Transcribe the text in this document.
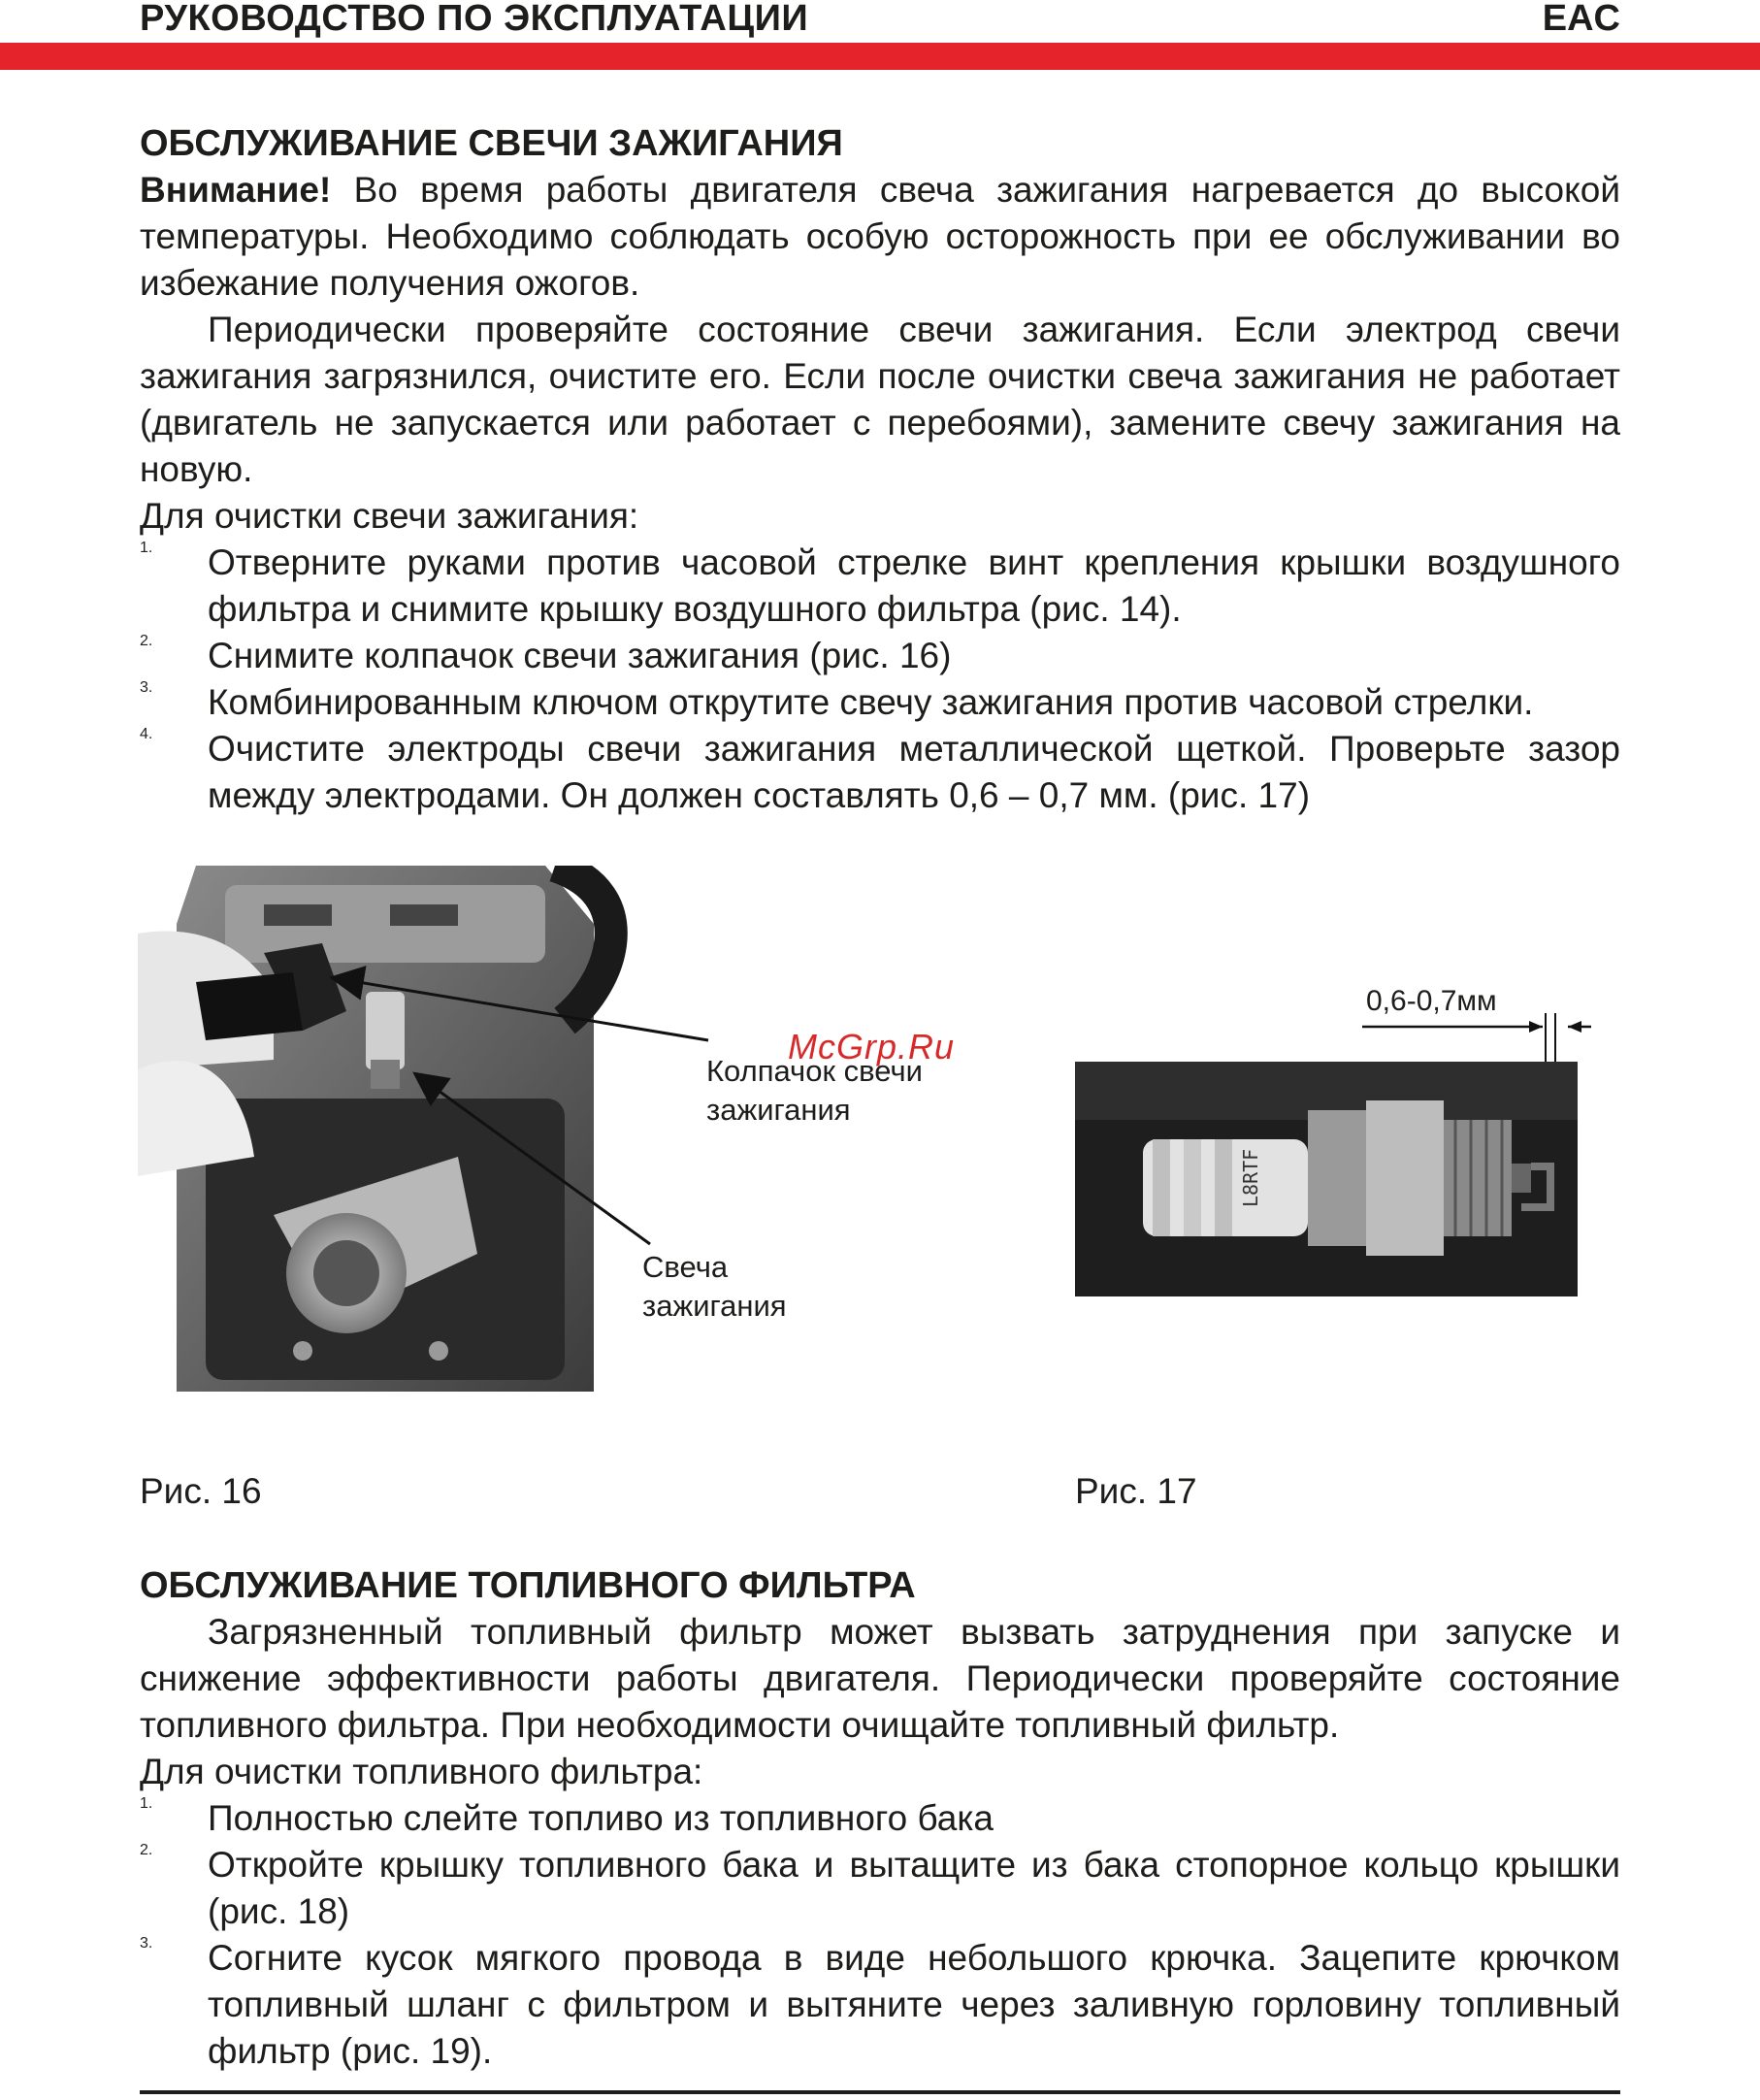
РУКОВОДСТВО ПО ЭКСПЛУАТАЦИИ	EAC
ОБСЛУЖИВАНИЕ СВЕЧИ ЗАЖИГАНИЯ

Внимание! Во время работы двигателя свеча зажигания нагревается до высокой температуры. Необходимо соблюдать особую осторожность при ее обслуживании во избежание получения ожогов.

Периодически проверяйте состояние свечи зажигания. Если электрод свечи зажигания загрязнился, очистите его. Если после очистки свеча зажигания не работает (двигатель не запускается или работает с перебоями), замените свечу зажигания на новую.

Для очистки свечи зажигания:

1.	Отверните руками против часовой стрелке винт крепления крышки воздушного фильтра и снимите крышку воздушного фильтра (рис. 14).

2.	Снимите колпачок свечи зажигания (рис. 16)

3.	Комбинированным ключом открутите свечу зажигания против часовой стрелки.

4.	Очистите электроды свечи зажигания металлической щеткой. Проверьте зазор между электродами. Он должен составлять 0,6 – 0,7 мм. (рис. 17)

Колпачок свечи
зажигания
McGrp.Ru
Свеча
зажигания
0,6-0,7мм
L8RTF
Рис. 16	Рис. 17
ОБСЛУЖИВАНИЕ ТОПЛИВНОГО ФИЛЬТРА

Загрязненный топливный фильтр может вызвать затруднения при запуске и снижение эффективности работы двигателя. Периодически проверяйте состояние топливного фильтра. При необходимости очищайте топливный фильтр.

Для очистки топливного фильтра:

1.	Полностью слейте топливо из топливного бака

2.	Откройте крышку топливного бака и вытащите из бака стопорное кольцо крышки (рис. 18)

3.	Согните кусок мягкого провода в виде небольшого крючка. Зацепите крючком топливный шланг с фильтром и вытяните через заливную горловину топливный фильтр (рис. 19).
